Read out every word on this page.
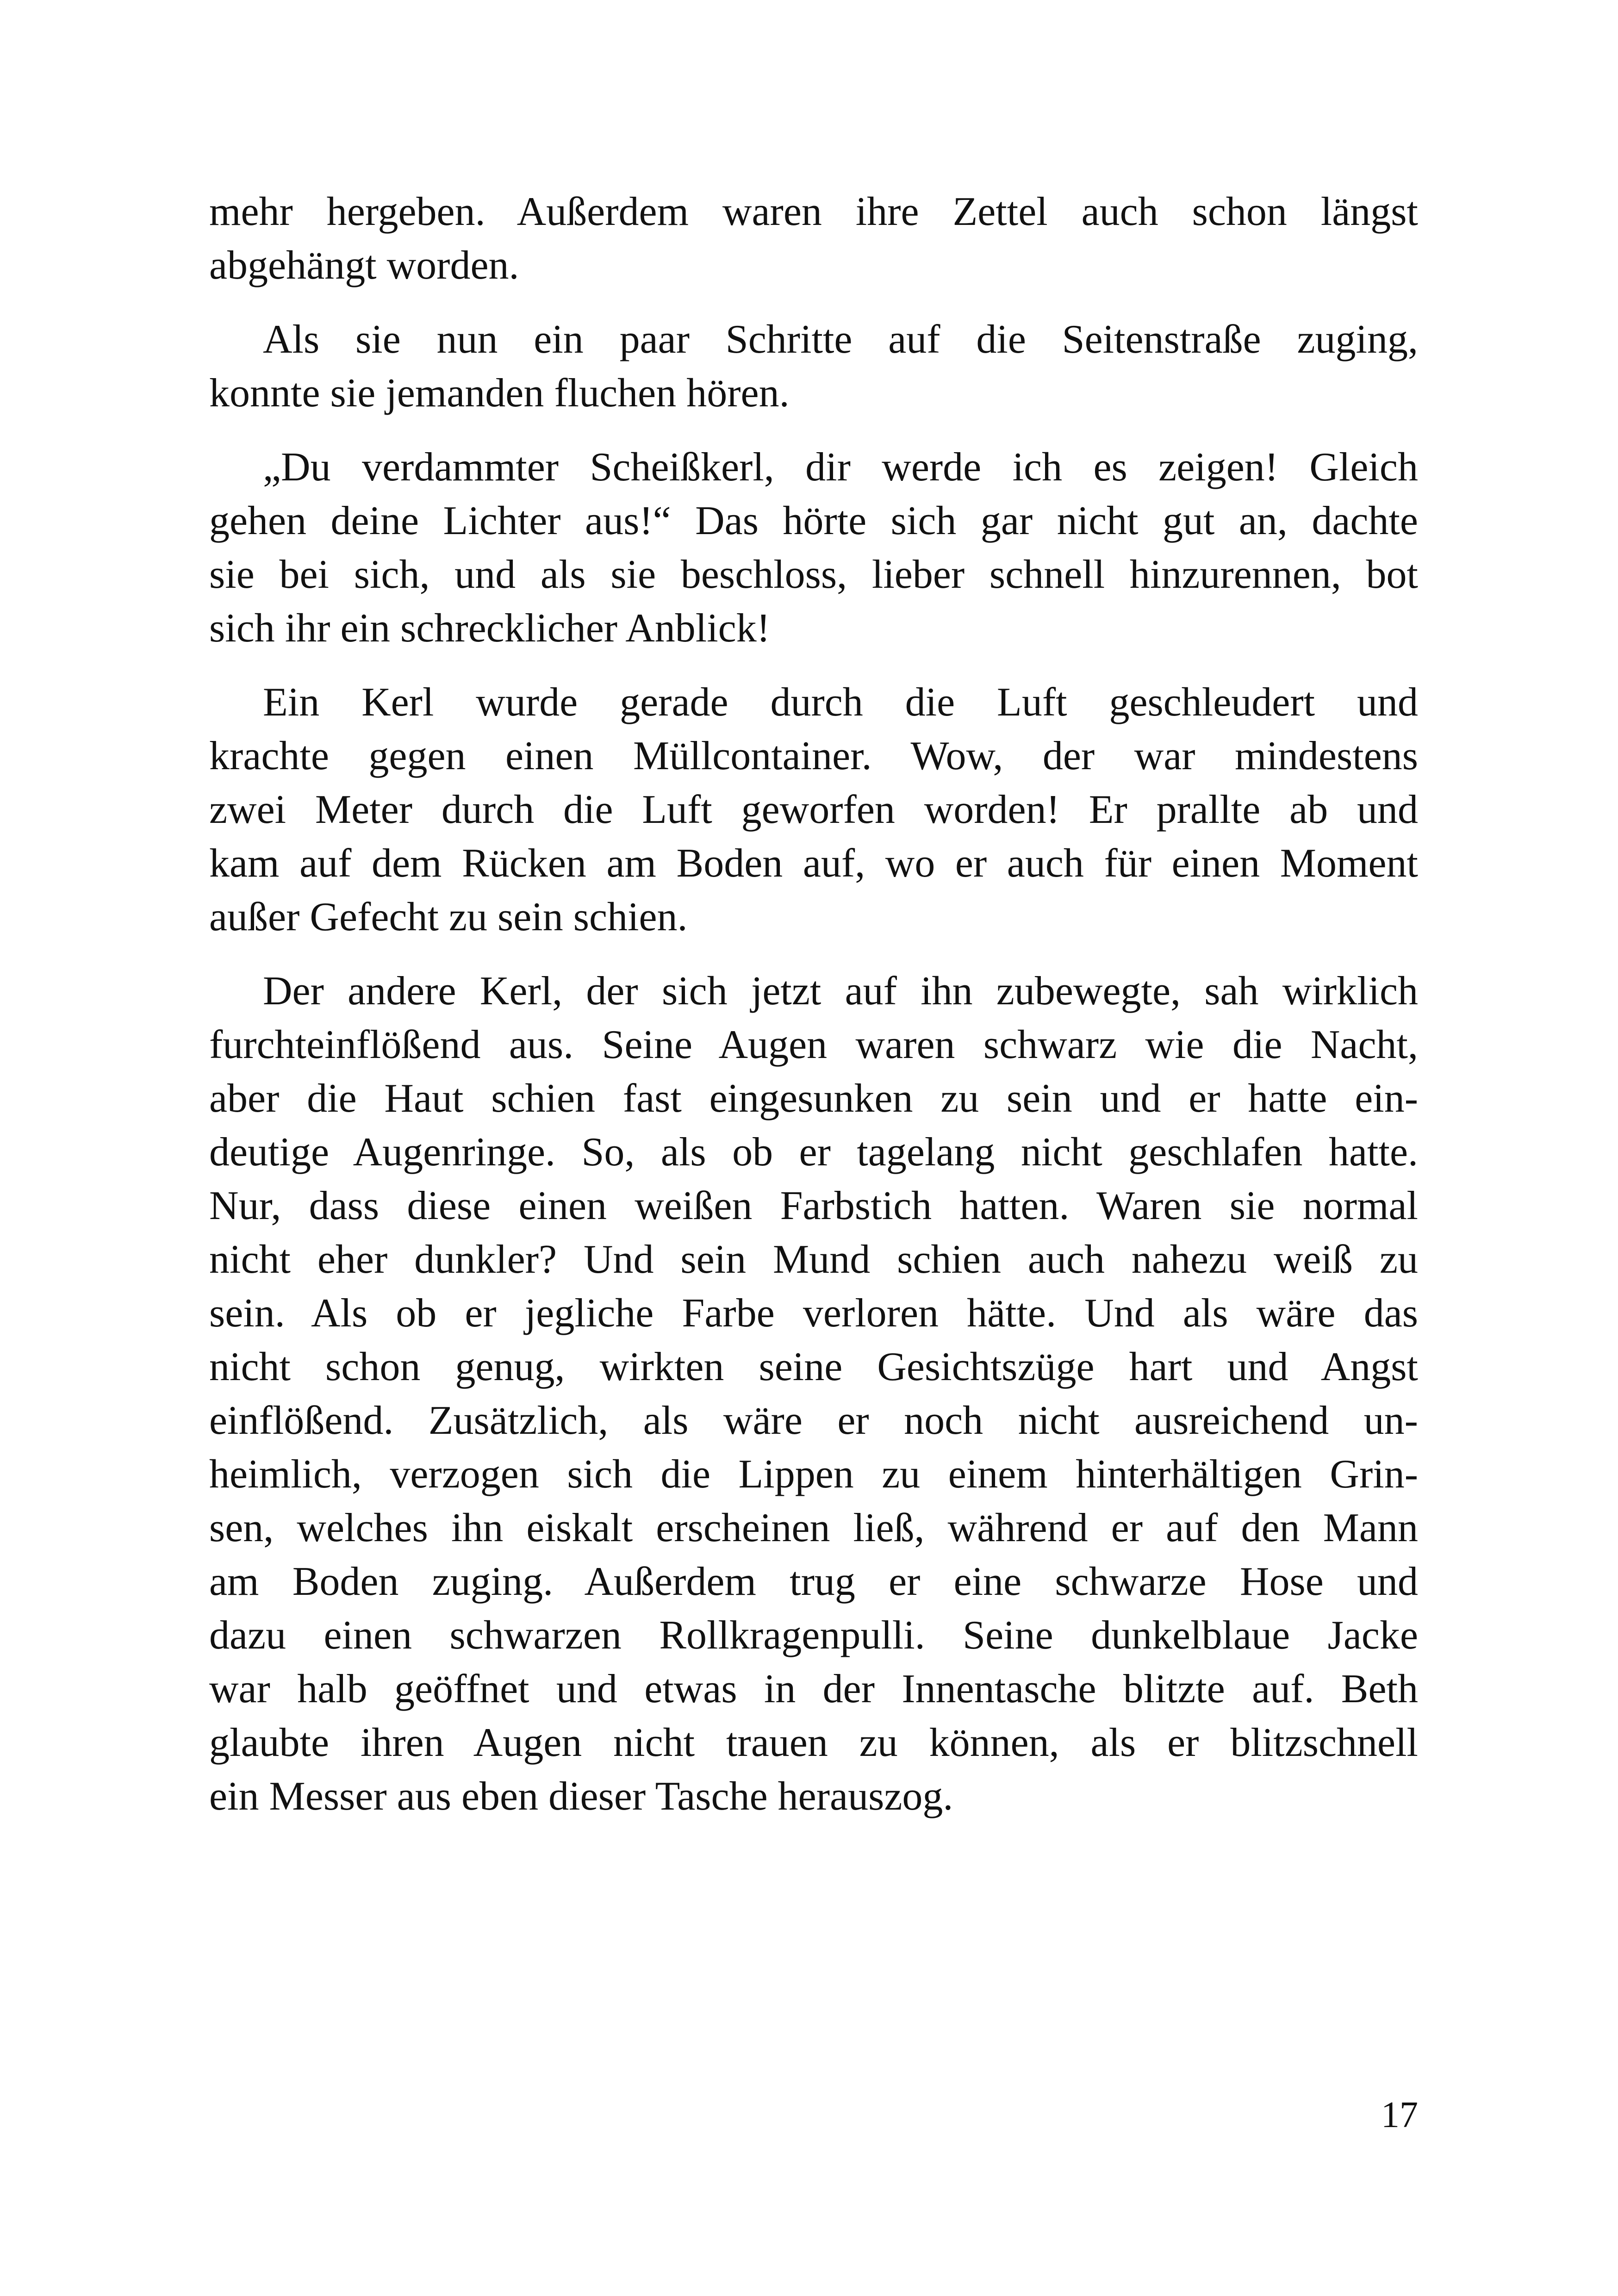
mehr hergeben. Außerdem waren ihre Zettel auch schon längst
abgehängt worden.

Als sie nun ein paar Schritte auf die Seitenstraße zuging,
konnte sie jemanden fluchen hören.

„Du verdammter Scheißkerl, dir werde ich es zeigen! Gleich
gehen deine Lichter aus!“ Das hörte sich gar nicht gut an, dachte
sie bei sich, und als sie beschloss, lieber schnell hinzurennen, bot
sich ihr ein schrecklicher Anblick!

Ein Kerl wurde gerade durch die Luft geschleudert und
krachte gegen einen Müllcontainer. Wow, der war mindestens
zwei Meter durch die Luft geworfen worden! Er prallte ab und
kam auf dem Rücken am Boden auf, wo er auch für einen Moment
außer Gefecht zu sein schien.

Der andere Kerl, der sich jetzt auf ihn zubewegte, sah wirklich
furchteinflößend aus. Seine Augen waren schwarz wie die Nacht,
aber die Haut schien fast eingesunken zu sein und er hatte ein-
deutige Augenringe. So, als ob er tagelang nicht geschlafen hatte.
Nur, dass diese einen weißen Farbstich hatten. Waren sie normal
nicht eher dunkler? Und sein Mund schien auch nahezu weiß zu
sein. Als ob er jegliche Farbe verloren hätte. Und als wäre das
nicht schon genug, wirkten seine Gesichtszüge hart und Angst
einflößend. Zusätzlich, als wäre er noch nicht ausreichend un-
heimlich, verzogen sich die Lippen zu einem hinterhältigen Grin-
sen, welches ihn eiskalt erscheinen ließ, während er auf den Mann
am Boden zuging. Außerdem trug er eine schwarze Hose und
dazu einen schwarzen Rollkragenpulli. Seine dunkelblaue Jacke
war halb geöffnet und etwas in der Innentasche blitzte auf. Beth
glaubte ihren Augen nicht trauen zu können, als er blitzschnell
ein Messer aus eben dieser Tasche herauszog.

17
